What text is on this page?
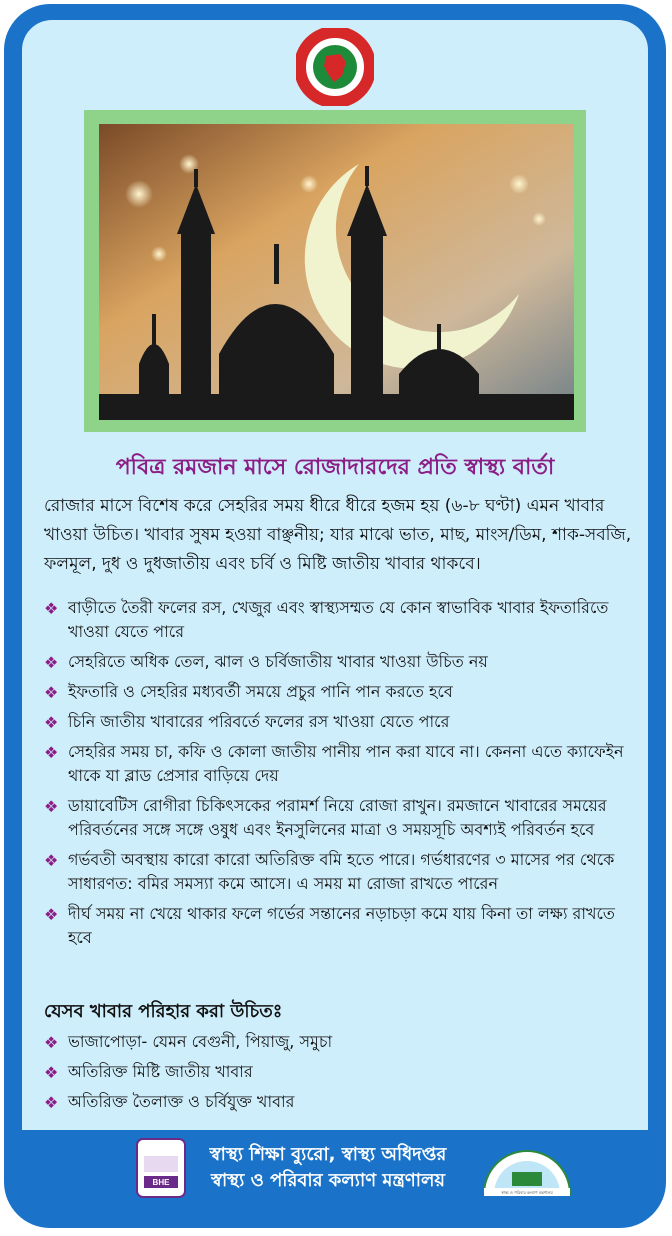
পবিত্র রমজান মাসে রোজাদারদের প্রতি স্বাস্থ্য বার্তা

রোজার মাসে বিশেষ করে সেহরির সময় ধীরে ধীরে হজম হয় (৬-৮ ঘণ্টা) এমন খাবার খাওয়া উচিত। খাবার সুষম হওয়া বাঞ্ছনীয়; যার মাঝে ভাত, মাছ, মাংস/ডিম, শাক-সবজি, ফলমূল, দুধ ও দুধজাতীয় এবং চর্বি ও মিষ্টি জাতীয় খাবার থাকবে।

❖ বাড়ীতে তৈরী ফলের রস, খেজুর এবং স্বাস্থ্যসম্মত যে কোন স্বাভাবিক খাবার ইফতারিতে খাওয়া যেতে পারে
❖ সেহরিতে অধিক তেল, ঝাল ও চর্বিজাতীয় খাবার খাওয়া উচিত নয়
❖ ইফতারি ও সেহরির মধ্যবর্তী সময়ে প্রচুর পানি পান করতে হবে
❖ চিনি জাতীয় খাবারের পরিবর্তে ফলের রস খাওয়া যেতে পারে
❖ সেহরির সময় চা, কফি ও কোলা জাতীয় পানীয় পান করা যাবে না। কেননা এতে ক্যাফেইন থাকে যা ব্লাড প্রেসার বাড়িয়ে দেয়
❖ ডায়াবেটিস রোগীরা চিকিৎসকের পরামর্শ নিয়ে রোজা রাখুন। রমজানে খাবারের সময়ের পরিবর্তনের সঙ্গে সঙ্গে ওষুধ এবং ইনসুলিনের মাত্রা ও সময়সূচি অবশ্যই পরিবর্তন হবে
❖ গর্ভবতী অবস্থায় কারো কারো অতিরিক্ত বমি হতে পারে। গর্ভধারণের ৩ মাসের পর থেকে সাধারণত: বমির সমস্যা কমে আসে। এ সময় মা রোজা রাখতে পারেন
❖ দীর্ঘ সময় না খেয়ে থাকার ফলে গর্ভের সন্তানের নড়াচড়া কমে যায় কিনা তা লক্ষ্য রাখতে হবে
যেসব খাবার পরিহার করা উচিতঃ
❖ ভাজাপোড়া- যেমন বেগুনী, পিয়াজু, সমুচা
❖ অতিরিক্ত মিষ্টি জাতীয় খাবার
❖ অতিরিক্ত তৈলাক্ত ও চর্বিযুক্ত খাবার
BHE
স্বাস্থ্য শিক্ষা ব্যুরো, স্বাস্থ্য অধিদপ্তর
স্বাস্থ্য ও পরিবার কল্যাণ মন্ত্রণালয়
স্বাস্থ্য ও পরিবার কল্যাণ মন্ত্রণালয়
